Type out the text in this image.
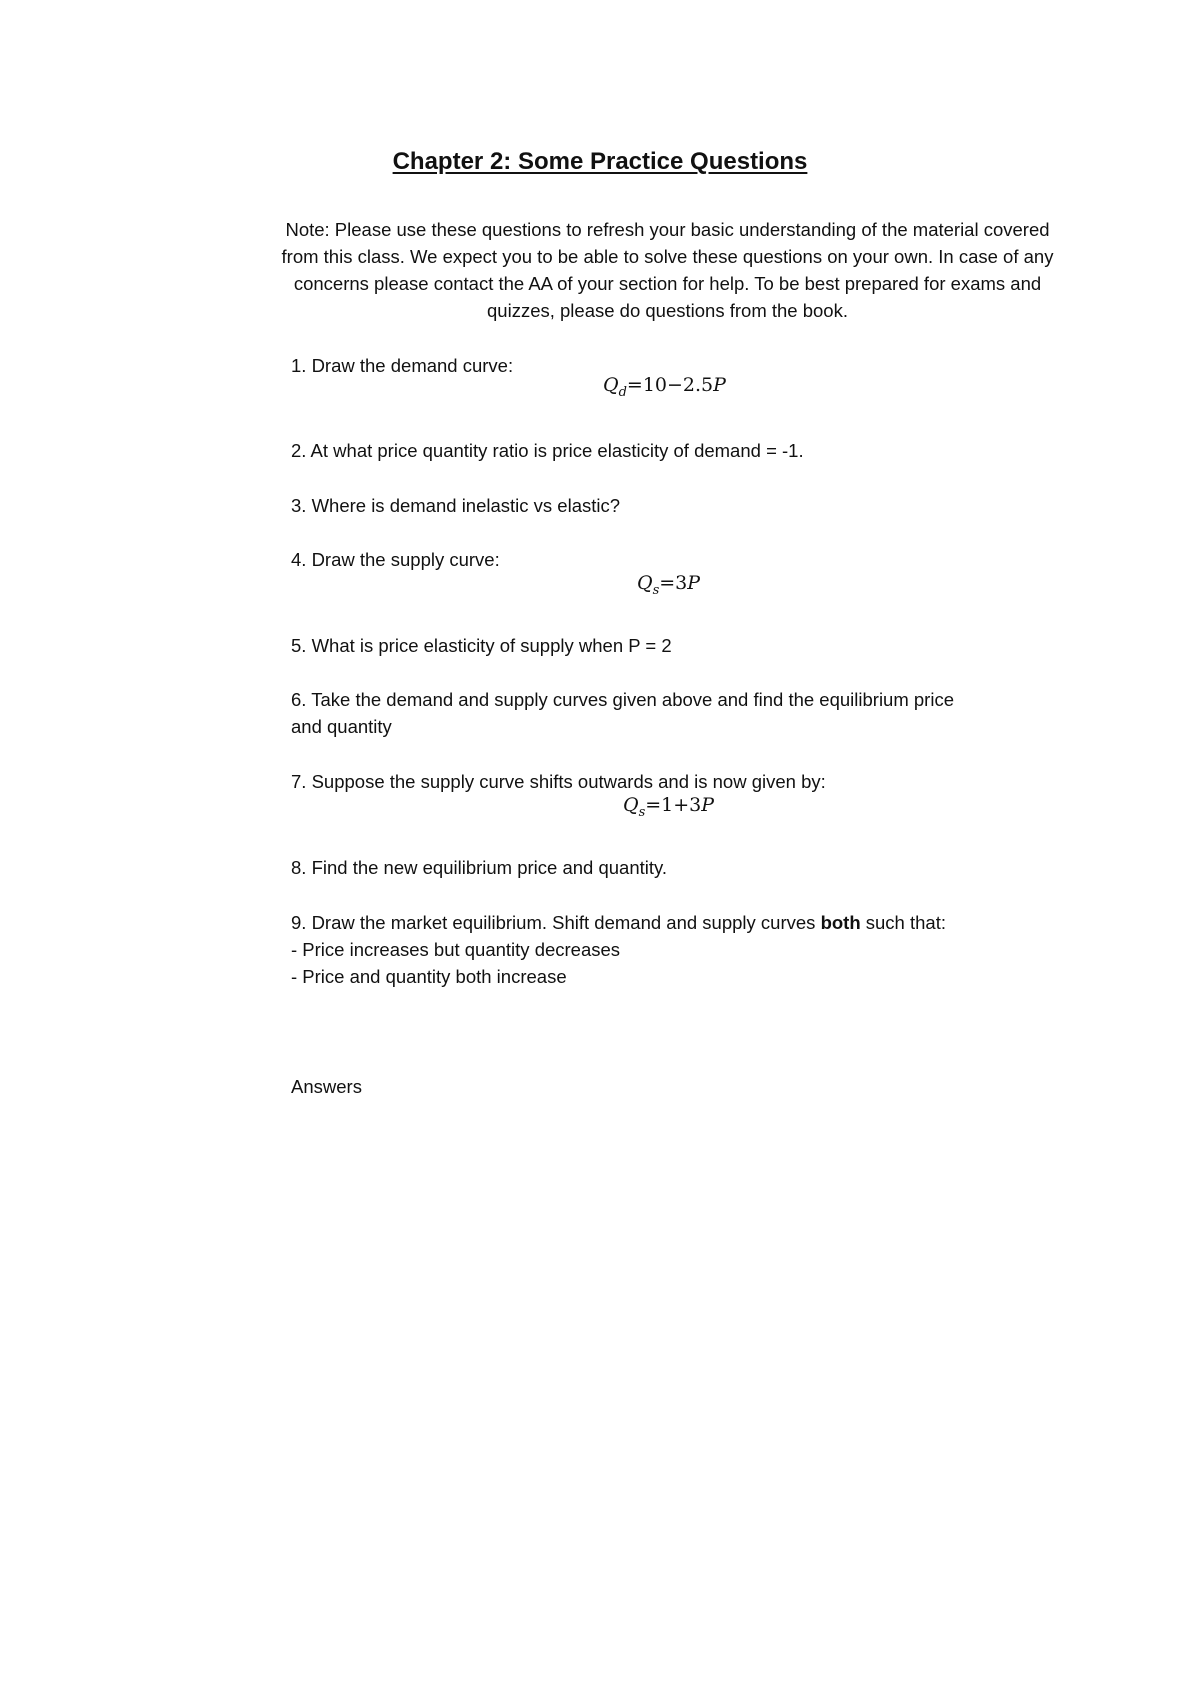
Chapter 2: Some Practice Questions
Note: Please use these questions to refresh your basic understanding of the material covered from this class. We expect you to be able to solve these questions on your own. In case of any concerns please contact the AA of your section for help. To be best prepared for exams and quizzes, please do questions from the book.
1. Draw the demand curve:
$Q_d=10-2.5P$
2. At what price quantity ratio is price elasticity of demand = -1.
3. Where is demand inelastic vs elastic?
4. Draw the supply curve:
$Q_s=3P$
5. What is price elasticity of supply when P = 2
6. Take the demand and supply curves given above and find the equilibrium price
and quantity
7. Suppose the supply curve shifts outwards and is now given by:
$Q_s=1+3P$
8. Find the new equilibrium price and quantity.
9. Draw the market equilibrium. Shift demand and supply curves both such that:
- Price increases but quantity decreases
- Price and quantity both increase
Answers
